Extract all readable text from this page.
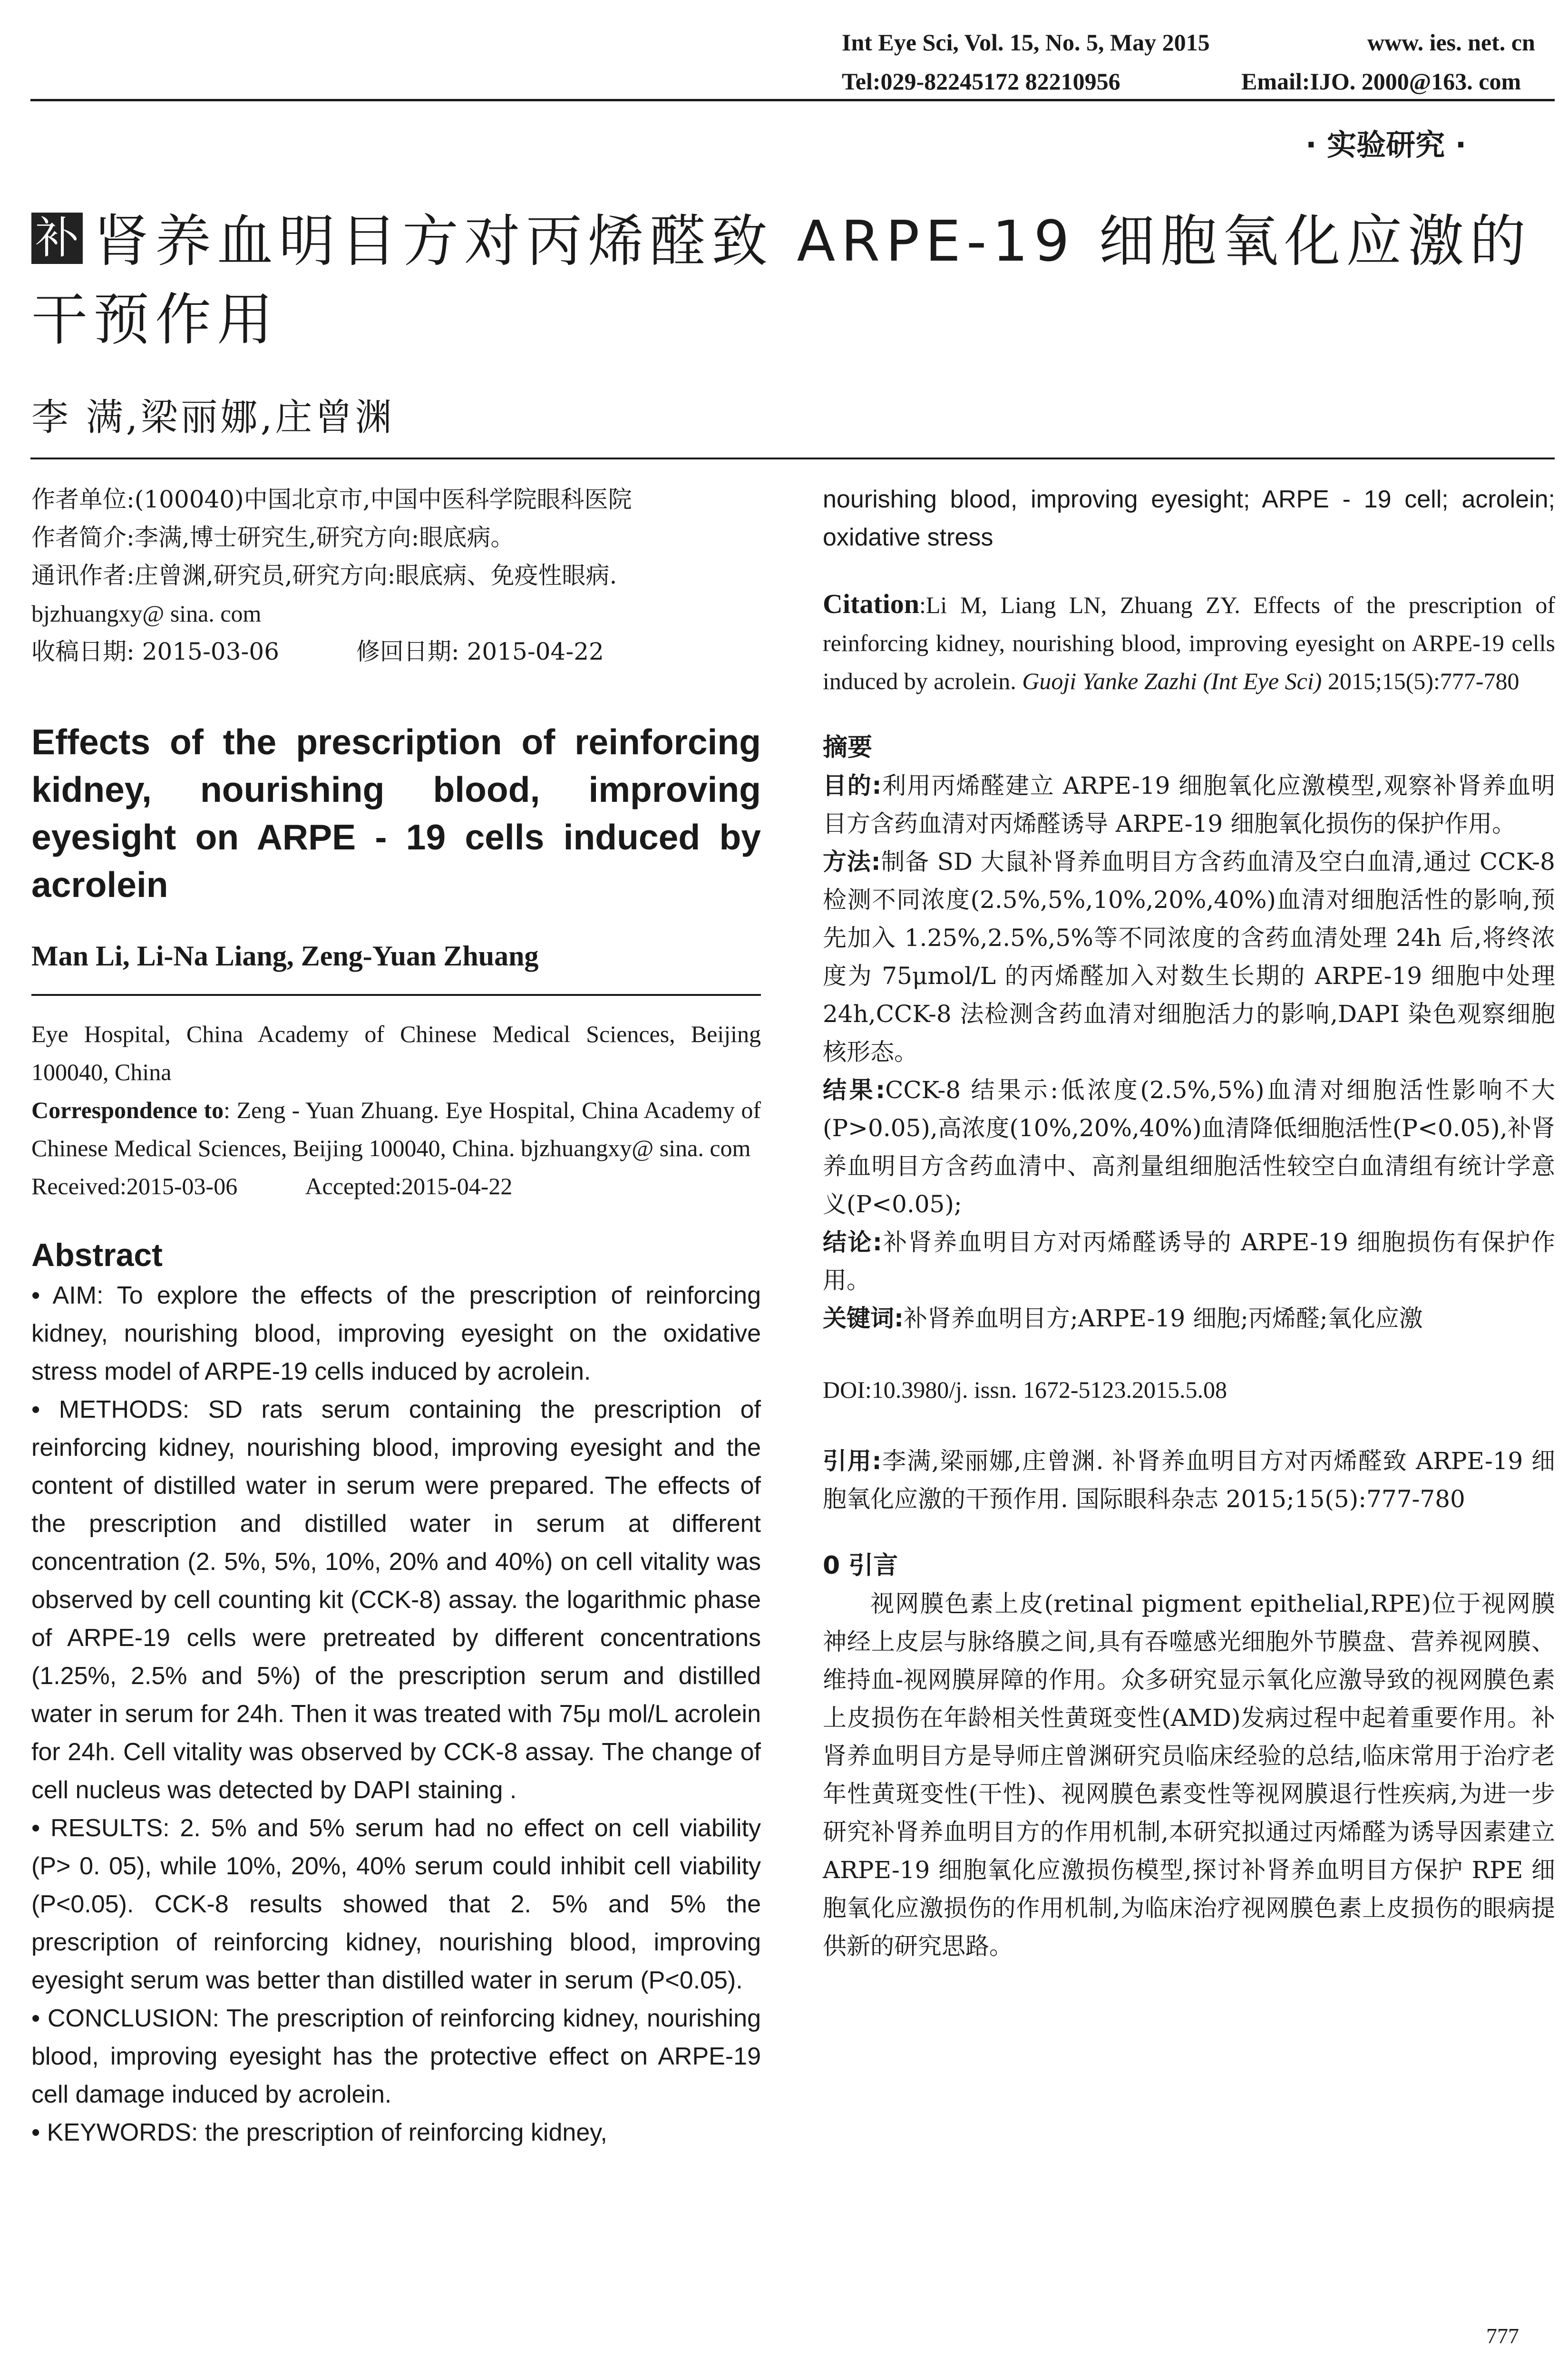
Int Eye Sci, Vol. 15, No. 5, May 2015	www. ies. net. cn
Tel:029-82245172 82210956	Email:IJO. 2000@163. com
· 实验研究 ·
补 肾养血明目方对丙烯醛致 ARPE-19 细胞氧化应激的
干预作用
李 满,梁丽娜,庄曾渊

作者单位:(100040)中国北京市,中国中医科学院眼科医院

作者简介:李满,博士研究生,研究方向:眼底病。

通讯作者:庄曾渊,研究员,研究方向:眼底病、免疫性眼病.

bjzhuangxy@ sina. com

收稿日期: 2015-03-06	修回日期: 2015-04-22

Effects of the prescription of reinforcing kidney, nourishing blood, improving eyesight on ARPE - 19 cells induced by acrolein

Man Li, Li-Na Liang, Zeng-Yuan Zhuang

Eye Hospital, China Academy of Chinese Medical Sciences, Beijing 100040, China

Correspondence to: Zeng - Yuan Zhuang. Eye Hospital, China Academy of Chinese Medical Sciences, Beijing 100040, China. bjzhuangxy@ sina. com

Received:2015-03-06	Accepted:2015-04-22

Abstract

• AIM: To explore the effects of the prescription of reinforcing kidney, nourishing blood, improving eyesight on the oxidative stress model of ARPE-19 cells induced by acrolein.

• METHODS: SD rats serum containing the prescription of reinforcing kidney, nourishing blood, improving eyesight and the content of distilled water in serum were prepared. The effects of the prescription and distilled water in serum at different concentration (2. 5%, 5%, 10%, 20% and 40%) on cell vitality was observed by cell counting kit (CCK-8) assay. the logarithmic phase of ARPE-19 cells were pretreated by different concentrations (1.25%, 2.5% and 5%) of the prescription serum and distilled water in serum for 24h. Then it was treated with 75μ mol/L acrolein for 24h. Cell vitality was observed by CCK-8 assay. The change of cell nucleus was detected by DAPI staining .

• RESULTS: 2. 5% and 5% serum had no effect on cell viability (P> 0. 05), while 10%, 20%, 40% serum could inhibit cell viability (P<0.05). CCK-8 results showed that 2. 5% and 5% the prescription of reinforcing kidney, nourishing blood, improving eyesight serum was better than distilled water in serum (P<0.05).

• CONCLUSION: The prescription of reinforcing kidney, nourishing blood, improving eyesight has the protective effect on ARPE-19 cell damage induced by acrolein.

• KEYWORDS: the prescription of reinforcing kidney,

nourishing blood, improving eyesight; ARPE - 19 cell; acrolein; oxidative stress

Citation:Li M, Liang LN, Zhuang ZY. Effects of the prescription of reinforcing kidney, nourishing blood, improving eyesight on ARPE-19 cells induced by acrolein. Guoji Yanke Zazhi (Int Eye Sci) 2015;15(5):777-780

摘要

目的:利用丙烯醛建立 ARPE-19 细胞氧化应激模型,观察补肾养血明目方含药血清对丙烯醛诱导 ARPE-19 细胞氧化损伤的保护作用。

方法:制备 SD 大鼠补肾养血明目方含药血清及空白血清,通过 CCK-8 检测不同浓度(2.5%,5%,10%,20%,40%)血清对细胞活性的影响,预先加入 1.25%,2.5%,5%等不同浓度的含药血清处理 24h 后,将终浓度为 75μmol/L 的丙烯醛加入对数生长期的 ARPE-19 细胞中处理 24h,CCK-8 法检测含药血清对细胞活力的影响,DAPI 染色观察细胞核形态。

结果:CCK-8 结果示:低浓度(2.5%,5%)血清对细胞活性影响不大(P>0.05),高浓度(10%,20%,40%)血清降低细胞活性(P<0.05),补肾养血明目方含药血清中、高剂量组细胞活性较空白血清组有统计学意义(P<0.05);

结论:补肾养血明目方对丙烯醛诱导的 ARPE-19 细胞损伤有保护作用。

关键词:补肾养血明目方;ARPE-19 细胞;丙烯醛;氧化应激

DOI:10.3980/j. issn. 1672-5123.2015.5.08

引用:李满,梁丽娜,庄曾渊. 补肾养血明目方对丙烯醛致 ARPE-19 细胞氧化应激的干预作用. 国际眼科杂志 2015;15(5):777-780

0 引言

视网膜色素上皮(retinal pigment epithelial,RPE)位于视网膜神经上皮层与脉络膜之间,具有吞噬感光细胞外节膜盘、营养视网膜、维持血-视网膜屏障的作用。众多研究显示氧化应激导致的视网膜色素上皮损伤在年龄相关性黄斑变性(AMD)发病过程中起着重要作用。补肾养血明目方是导师庄曾渊研究员临床经验的总结,临床常用于治疗老年性黄斑变性(干性)、视网膜色素变性等视网膜退行性疾病,为进一步研究补肾养血明目方的作用机制,本研究拟通过丙烯醛为诱导因素建立 ARPE-19 细胞氧化应激损伤模型,探讨补肾养血明目方保护 RPE 细胞氧化应激损伤的作用机制,为临床治疗视网膜色素上皮损伤的眼病提供新的研究思路。

777
